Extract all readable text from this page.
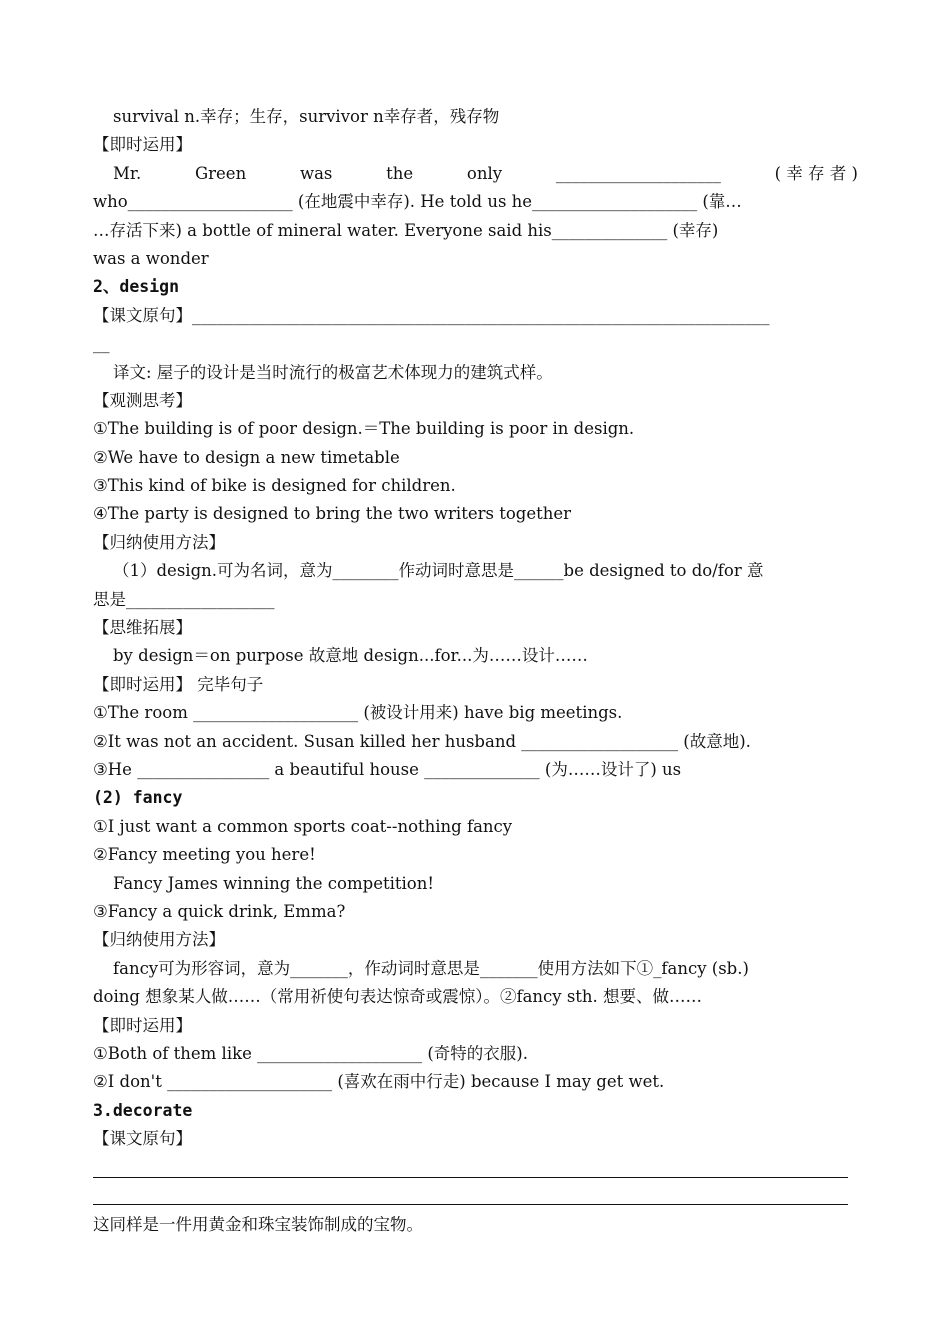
survival n.幸存；生存，survivor n幸存者，残存物
【即时运用】
Mr.	Green	was	the	only	____________________	( 幸 存 者 )
who____________________ (在地震中幸存). He told us he____________________ (靠…
…存活下来) a bottle of mineral water. Everyone said his______________ (幸存)
was a wonder
2、design
【课文原句】______________________________________________________________________
__
译文: 屋子的设计是当时流行的极富艺术体现力的建筑式样。
【观测思考】
①The building is of poor design.＝The building is poor in design.
②We have to design a new timetable
③This kind of bike is designed for children.
④The party is designed to bring the two writers together
【归纳使用方法】
（1）design.可为名词，意为________作动词时意思是______be designed to do/for 意
思是__________________
【思维拓展】
by design＝on purpose 故意地 design...for...为……设计……
【即时运用】 完毕句子
①The room ____________________ (被设计用来) have big meetings.
②It was not an accident. Susan killed her husband ___________________ (故意地).
③He ________________ a beautiful house ______________ (为……设计了) us
(2) fancy
①I just want a common sports coat--nothing fancy
②Fancy meeting you here!
Fancy James winning the competition!
③Fancy a quick drink, Emma?
【归纳使用方法】
fancy可为形容词，意为_______，作动词时意思是_______使用方法如下①_fancy (sb.)
doing 想象某人做……（常用祈使句表达惊奇或震惊）。②fancy sth. 想要、做……
【即时运用】
①Both of them like ____________________ (奇特的衣服).
②I don't ____________________ (喜欢在雨中行走) because I may get wet.
3.decorate
【课文原句】
这同样是一件用黄金和珠宝装饰制成的宝物。
